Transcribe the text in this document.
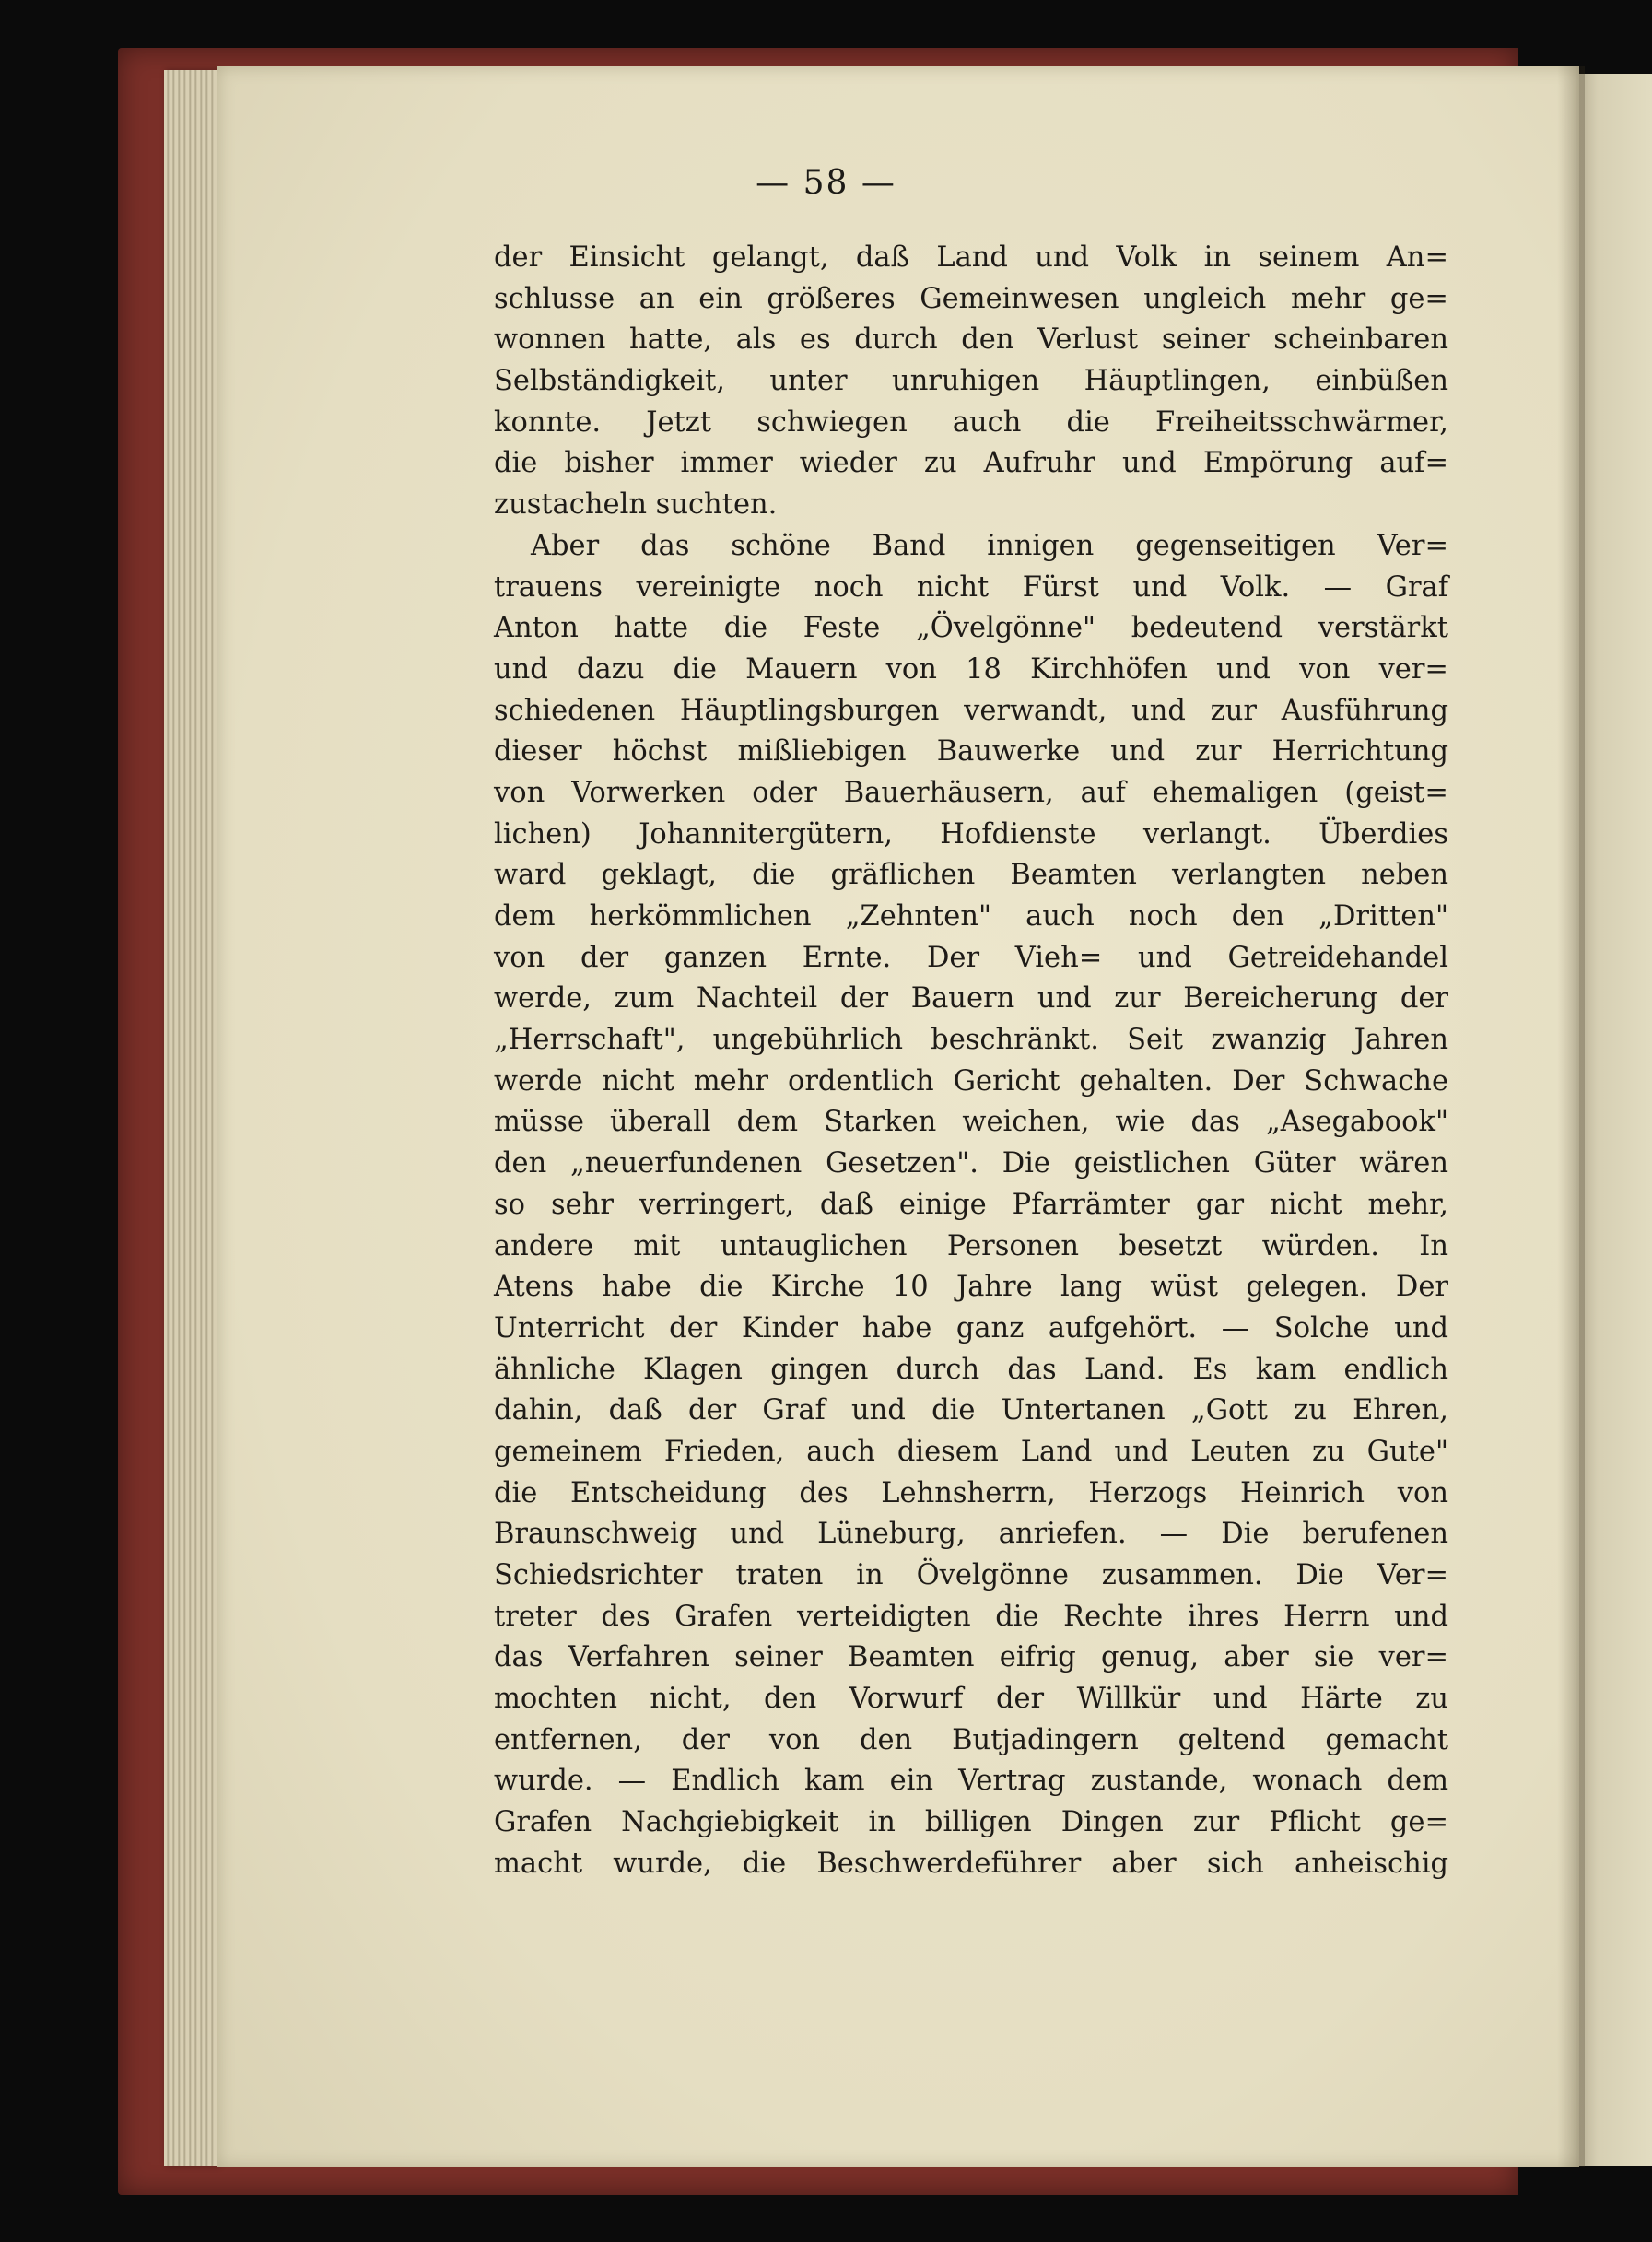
— 58 —
der Einsicht gelangt, daß Land und Volk in seinem An=
schlusse an ein größeres Gemeinwesen ungleich mehr ge=
wonnen hatte, als es durch den Verlust seiner scheinbaren
Selbständigkeit, unter unruhigen Häuptlingen, einbüßen
konnte. Jetzt schwiegen auch die Freiheitsschwärmer,
die bisher immer wieder zu Aufruhr und Empörung auf=
zustacheln suchten.
Aber das schöne Band innigen gegenseitigen Ver=
trauens vereinigte noch nicht Fürst und Volk. — Graf
Anton hatte die Feste „Övelgönne" bedeutend verstärkt
und dazu die Mauern von 18 Kirchhöfen und von ver=
schiedenen Häuptlingsburgen verwandt, und zur Ausführung
dieser höchst mißliebigen Bauwerke und zur Herrichtung
von Vorwerken oder Bauerhäusern, auf ehemaligen (geist=
lichen) Johannitergütern, Hofdienste verlangt. Überdies
ward geklagt, die gräflichen Beamten verlangten neben
dem herkömmlichen „Zehnten" auch noch den „Dritten"
von der ganzen Ernte. Der Vieh= und Getreidehandel
werde, zum Nachteil der Bauern und zur Bereicherung der
„Herrschaft", ungebührlich beschränkt. Seit zwanzig Jahren
werde nicht mehr ordentlich Gericht gehalten. Der Schwache
müsse überall dem Starken weichen, wie das „Asegabook"
den „neuerfundenen Gesetzen". Die geistlichen Güter wären
so sehr verringert, daß einige Pfarrämter gar nicht mehr,
andere mit untauglichen Personen besetzt würden. In
Atens habe die Kirche 10 Jahre lang wüst gelegen. Der
Unterricht der Kinder habe ganz aufgehört. — Solche und
ähnliche Klagen gingen durch das Land. Es kam endlich
dahin, daß der Graf und die Untertanen „Gott zu Ehren,
gemeinem Frieden, auch diesem Land und Leuten zu Gute"
die Entscheidung des Lehnsherrn, Herzogs Heinrich von
Braunschweig und Lüneburg, anriefen. — Die berufenen
Schiedsrichter traten in Övelgönne zusammen. Die Ver=
treter des Grafen verteidigten die Rechte ihres Herrn und
das Verfahren seiner Beamten eifrig genug, aber sie ver=
mochten nicht, den Vorwurf der Willkür und Härte zu
entfernen, der von den Butjadingern geltend gemacht
wurde. — Endlich kam ein Vertrag zustande, wonach dem
Grafen Nachgiebigkeit in billigen Dingen zur Pflicht ge=
macht wurde, die Beschwerdeführer aber sich anheischig
